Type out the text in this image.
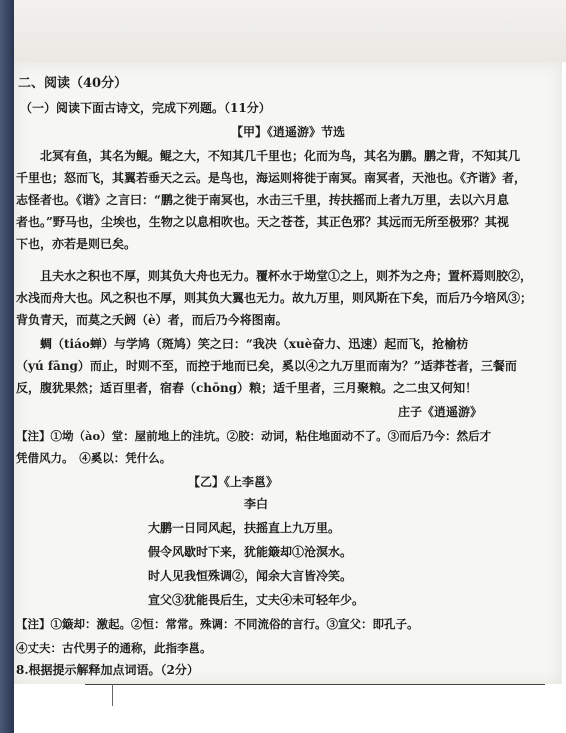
二、阅读（40分）
（一）阅读下面古诗文，完成下列题。（11分）
【甲】《逍遥游》节选
北冥有鱼，其名为鲲。鲲之大，不知其几千里也；化而为鸟，其名为鹏。鹏之背，不知其几
千里也；怒而飞，其翼若垂天之云。是鸟也，海运则将徙于南冥。南冥者，天池也。《齐谐》者，
志怪者也。《谐》之言曰：“鹏之徙于南冥也，水击三千里，抟扶摇而上者九万里，去以六月息
者也。”野马也，尘埃也，生物之以息相吹也。天之苍苍，其正色邪？其远而无所至极邪？其视
下也，亦若是则已矣。
且夫水之积也不厚，则其负大舟也无力。覆杯水于坳堂①之上，则芥为之舟；置杯焉则胶②，
水浅而舟大也。风之积也不厚，则其负大翼也无力。故九万里，则风斯在下矣，而后乃今培风③；
背负青天，而莫之夭阏（è）者，而后乃今将图南。
蜩（tiáo蝉）与学鸠（斑鸠）笑之曰：“我决（xuè奋力、迅速）起而飞，抢榆枋
（yú fāng）而止，时则不至，而控于地而已矣，奚以④之九万里而南为？”适莽苍者，三餐而
反，腹犹果然；适百里者，宿舂（chōng）粮；适千里者，三月聚粮。之二虫又何知！
庄子《逍遥游》
【注】①坳（ào）堂：屋前地上的洼坑。②胶：动词，粘住地面动不了。③而后乃今：然后才
凭借风力。　④奚以：凭什么。
【乙】《上李邕》
李白
大鹏一日同风起，扶摇直上九万里。
假令风歇时下来，犹能簸却①沧溟水。
时人见我恒殊调②，闻余大言皆冷笑。
宣父③犹能畏后生，丈夫④未可轻年少。
【注】①簸却：激起。②恒：常常。殊调：不同流俗的言行。③宣父：即孔子。
④丈夫：古代男子的通称，此指李邕。
8.根据提示解释加点词语。（2分）
